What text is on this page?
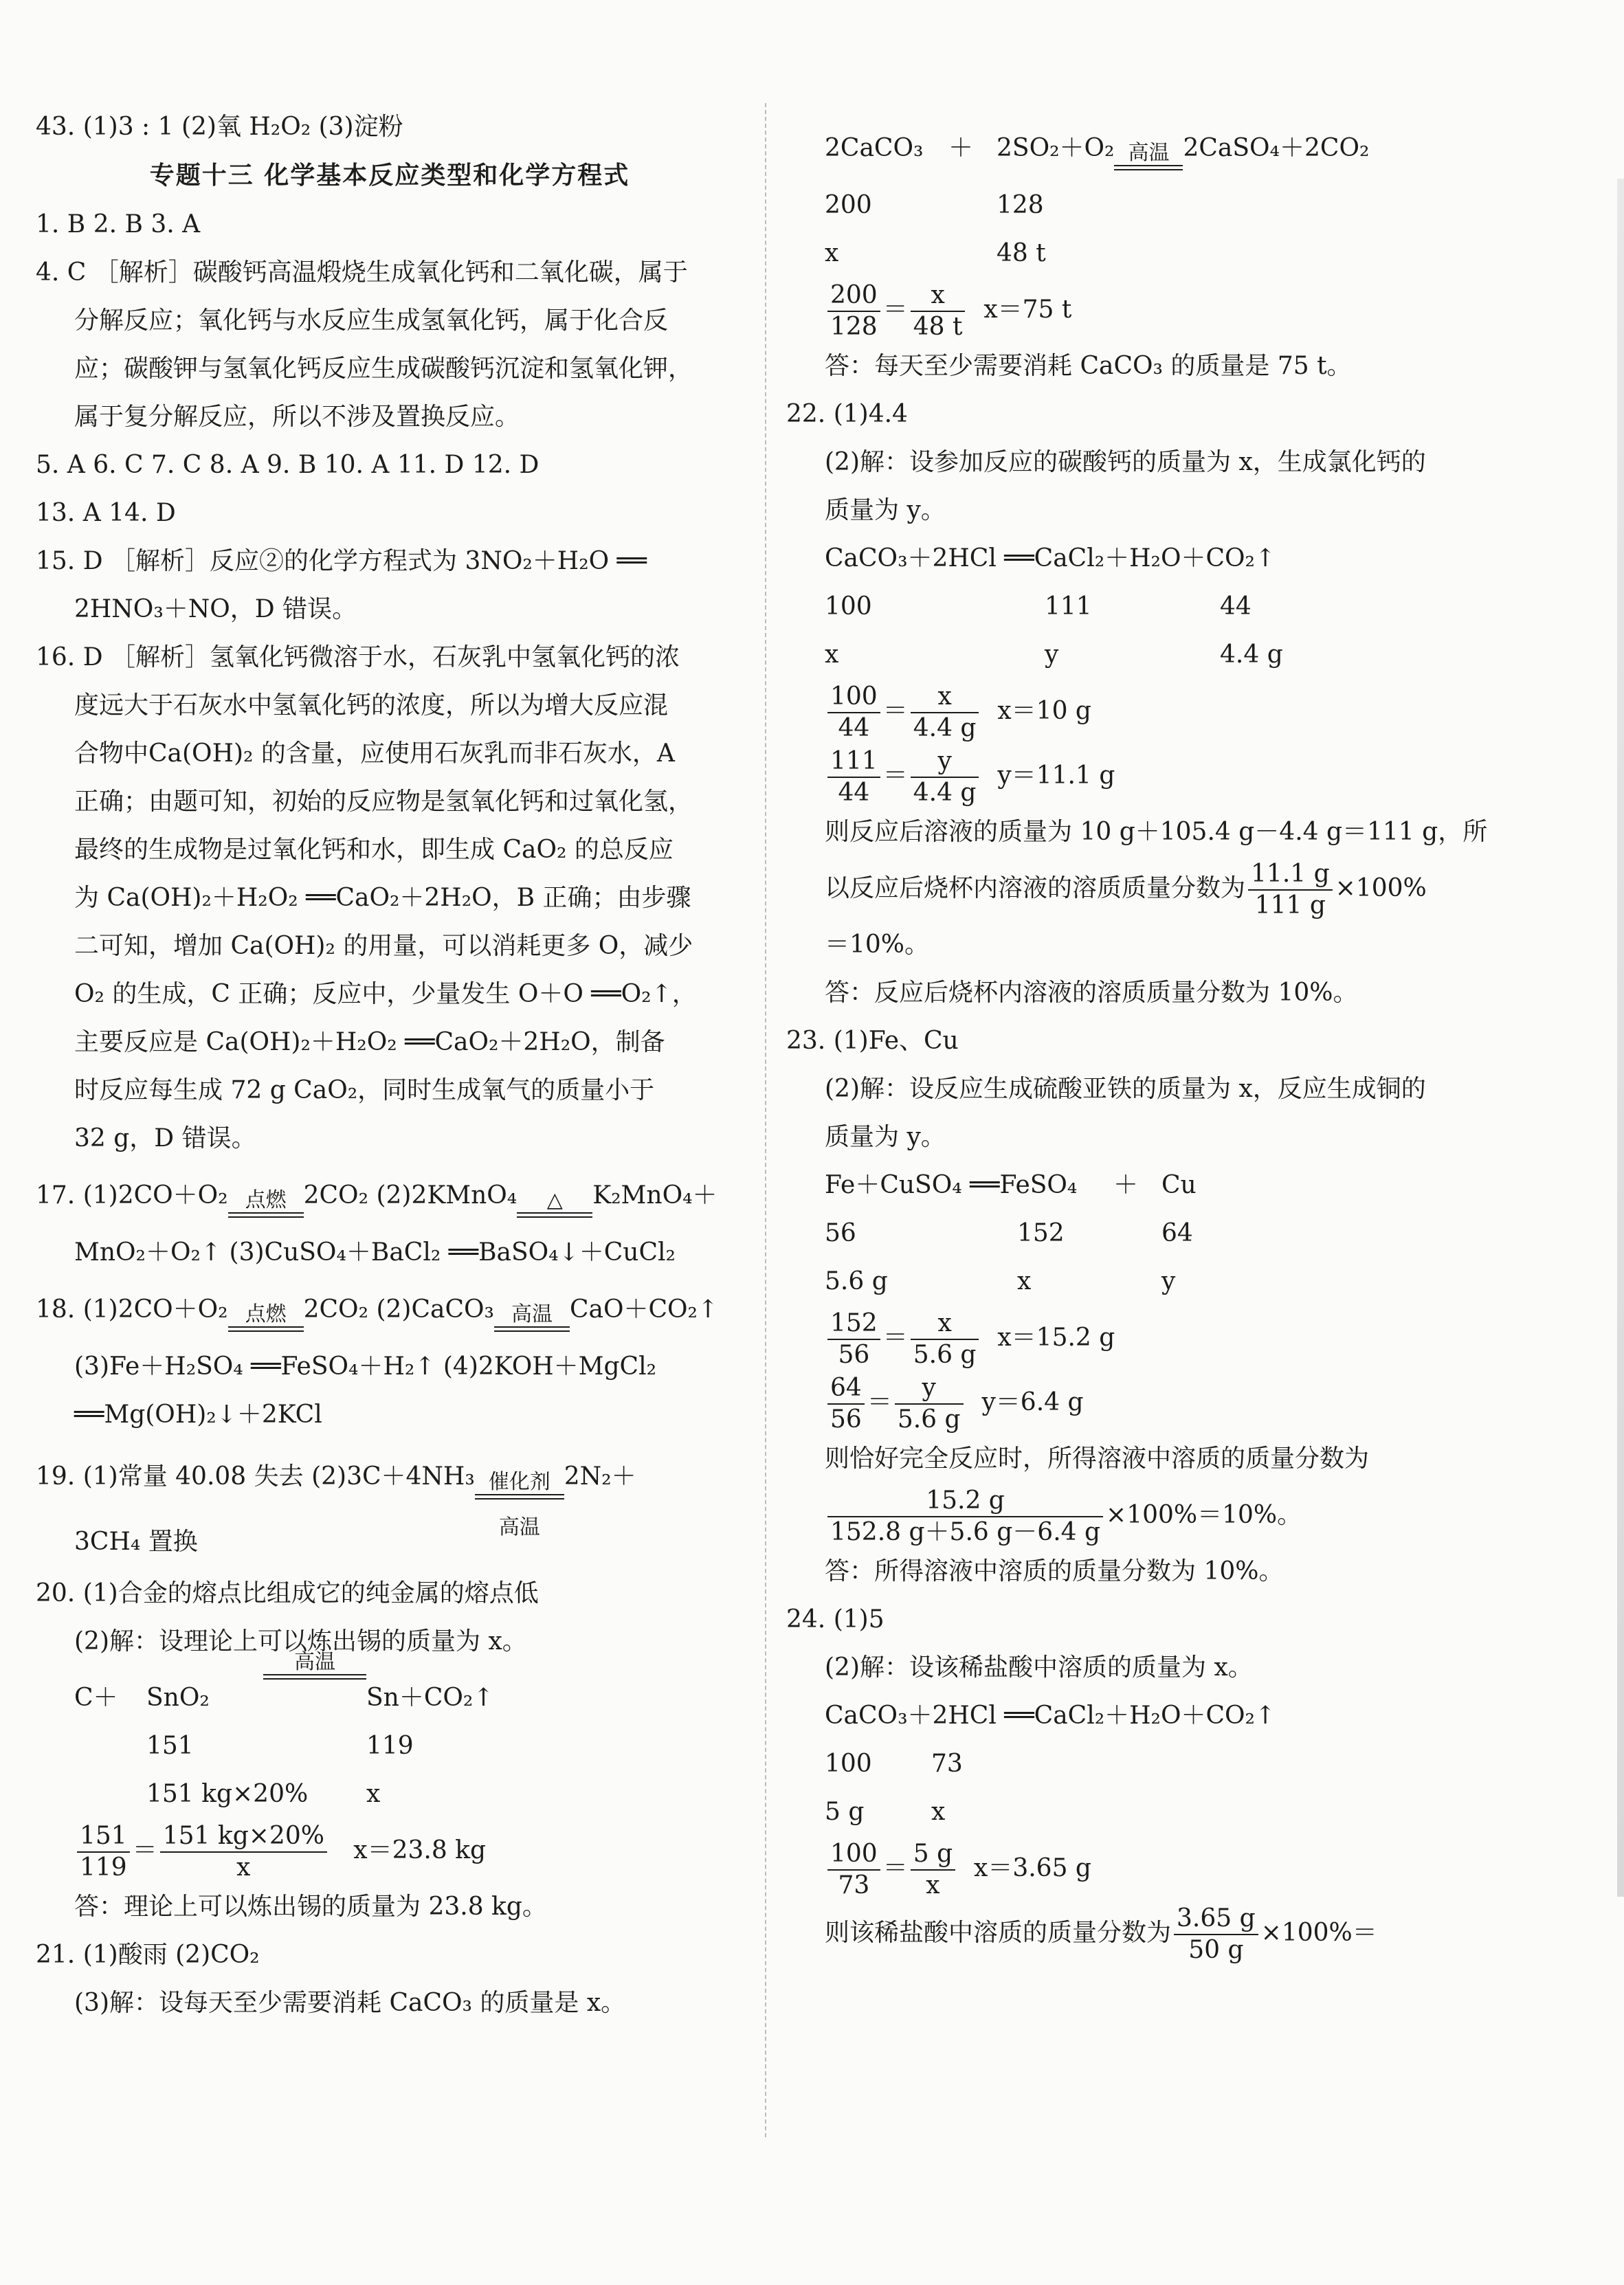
43. (1)3 : 1 (2)氧 H₂O₂ (3)淀粉
专题十三 化学基本反应类型和化学方程式
1. B 2. B 3. A
4. C ［解析］碳酸钙高温煅烧生成氧化钙和二氧化碳，属于
分解反应；氧化钙与水反应生成氢氧化钙，属于化合反
应；碳酸钾与氢氧化钙反应生成碳酸钙沉淀和氢氧化钾，
属于复分解反应，所以不涉及置换反应。
5. A 6. C 7. C 8. A 9. B 10. A 11. D 12. D
13. A 14. D
15. D ［解析］反应②的化学方程式为 3NO₂＋H₂O ══
2HNO₃＋NO，D 错误。
16. D ［解析］氢氧化钙微溶于水，石灰乳中氢氧化钙的浓
度远大于石灰水中氢氧化钙的浓度，所以为增大反应混
合物中Ca(OH)₂ 的含量，应使用石灰乳而非石灰水，A
正确；由题可知，初始的反应物是氢氧化钙和过氧化氢，
最终的生成物是过氧化钙和水，即生成 CaO₂ 的总反应
为 Ca(OH)₂＋H₂O₂ ══CaO₂＋2H₂O，B 正确；由步骤
二可知，增加 Ca(OH)₂ 的用量，可以消耗更多 O，减少
O₂ 的生成，C 正确；反应中，少量发生 O＋O ══O₂↑，
主要反应是 Ca(OH)₂＋H₂O₂ ══CaO₂＋2H₂O，制备
时反应每生成 72 g CaO₂，同时生成氧气的质量小于
32 g，D 错误。
17. (1)2CO＋O₂ 点燃 2CO₂ (2)2KMnO₄	△	K₂MnO₄＋
MnO₂＋O₂↑ (3)CuSO₄＋BaCl₂ ══BaSO₄↓＋CuCl₂
18. (1)2CO＋O₂ 点燃 2CO₂ (2)CaCO₃ 高温 CaO＋CO₂↑
(3)Fe＋H₂SO₄ ══FeSO₄＋H₂↑ (4)2KOH＋MgCl₂
══Mg(OH)₂↓＋2KCl
19. (1)常量 40.08 失去 (2)3C＋4NH₃ 催化剂
高温
2N₂＋
3CH₄ 置换
20. (1)合金的熔点比组成它的纯金属的熔点低
(2)解：设理论上可以炼出锡的质量为 x。
C＋	SnO₂
高温
Sn＋CO₂↑
151	119
151 kg×20%	x
$\frac{151}{119} = \frac{151 kg\times 20\%}{x} x=23.8$ kg
答：理论上可以炼出锡的质量为 23.8 kg。
21. (1)酸雨 (2)CO₂
(3)解：设每天至少需要消耗 CaCO₃ 的质量是 x。
2CaCO₃	＋ 2SO₂＋O₂ 高温 2CaSO₄＋2CO₂
200	128
x	48 t
$\frac{200}{128} = \frac{x}{48 t} x=75$ t
答：每天至少需要消耗 CaCO₃ 的质量是 75 t。
22. (1)4.4
(2)解：设参加反应的碳酸钙的质量为 x，生成氯化钙的
质量为 y。
CaCO₃＋2HCl ══CaCl₂＋H₂O＋CO₂↑
100	111	44
x	y	4.4 g
$\frac{100}{44} = \frac{x}{4.4 g} x=10$ g
$\frac{111}{44} = \frac{y}{4.4 g} y=11.1$ g
则反应后溶液的质量为 10 g＋105.4 g－4.4 g＝111 g，所
以反应后烧杯内溶液的溶质质量分数为 $\frac{11.1 g}{111 g} \times 100\%$
＝10%。
答：反应后烧杯内溶液的溶质质量分数为 10%。
23. (1)Fe、Cu
(2)解：设反应生成硫酸亚铁的质量为 x，反应生成铜的
质量为 y。
Fe＋CuSO₄ ══FeSO₄	＋ Cu
56	152	64
5.6 g	x	y
$\frac{152}{56} = \frac{x}{5.6 g} x=15.2$ g
$\frac{64}{56} = \frac{y}{5.6 g} y=6.4$ g
则恰好完全反应时，所得溶液中溶质的质量分数为
$\frac{15.2 g}{152.8 g+5.6 g-6.4 g} \times 100\%=10\%$。
答：所得溶液中溶质的质量分数为 10%。
24. (1)5
(2)解：设该稀盐酸中溶质的质量为 x。
CaCO₃＋2HCl ══CaCl₂＋H₂O＋CO₂↑
100	73
5 g	x
$\frac{100}{73} = \frac{5 g}{x} x=3.65$ g
则该稀盐酸中溶质的质量分数为 $\frac{3.65 g}{50 g} \times 100\%=$
